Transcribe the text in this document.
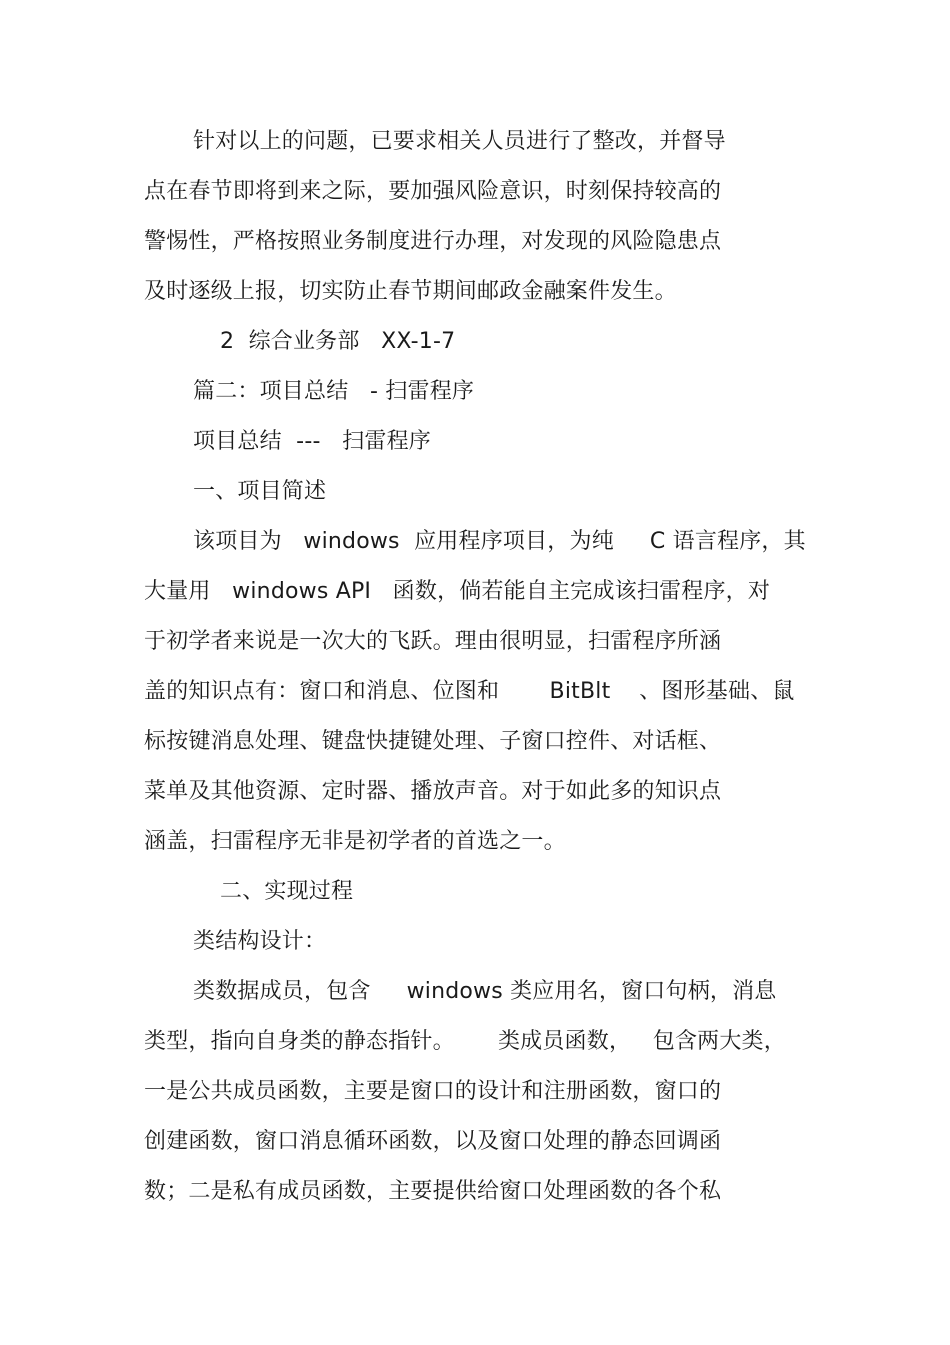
针对以上的问题，已要求相关人员进行了整改，并督导
点在春节即将到来之际，要加强风险意识，时刻保持较高的
警惕性，严格按照业务制度进行办理，对发现的风险隐患点
及时逐级上报，切实防止春节期间邮政金融案件发生。
2  综合业务部   XX-1-7
篇二：项目总结   - 扫雷程序
项目总结  ---   扫雷程序
一、项目简述
该项目为   windows  应用程序项目，为纯     C 语言程序，其
大量用   windows API   函数，倘若能自主完成该扫雷程序，对
于初学者来说是一次大的飞跃。理由很明显，扫雷程序所涵
盖的知识点有：窗口和消息、位图和       BitBlt    、图形基础、鼠
标按键消息处理、键盘快捷键处理、子窗口控件、对话框、
菜单及其他资源、定时器、播放声音。对于如此多的知识点
涵盖，扫雷程序无非是初学者的首选之一。
二、实现过程
类结构设计：
类数据成员，包含     windows 类应用名，窗口句柄，消息
类型，指向自身类的静态指针。      类成员函数，   包含两大类，
一是公共成员函数，主要是窗口的设计和注册函数，窗口的
创建函数，窗口消息循环函数，以及窗口处理的静态回调函
数；二是私有成员函数，主要提供给窗口处理函数的各个私
